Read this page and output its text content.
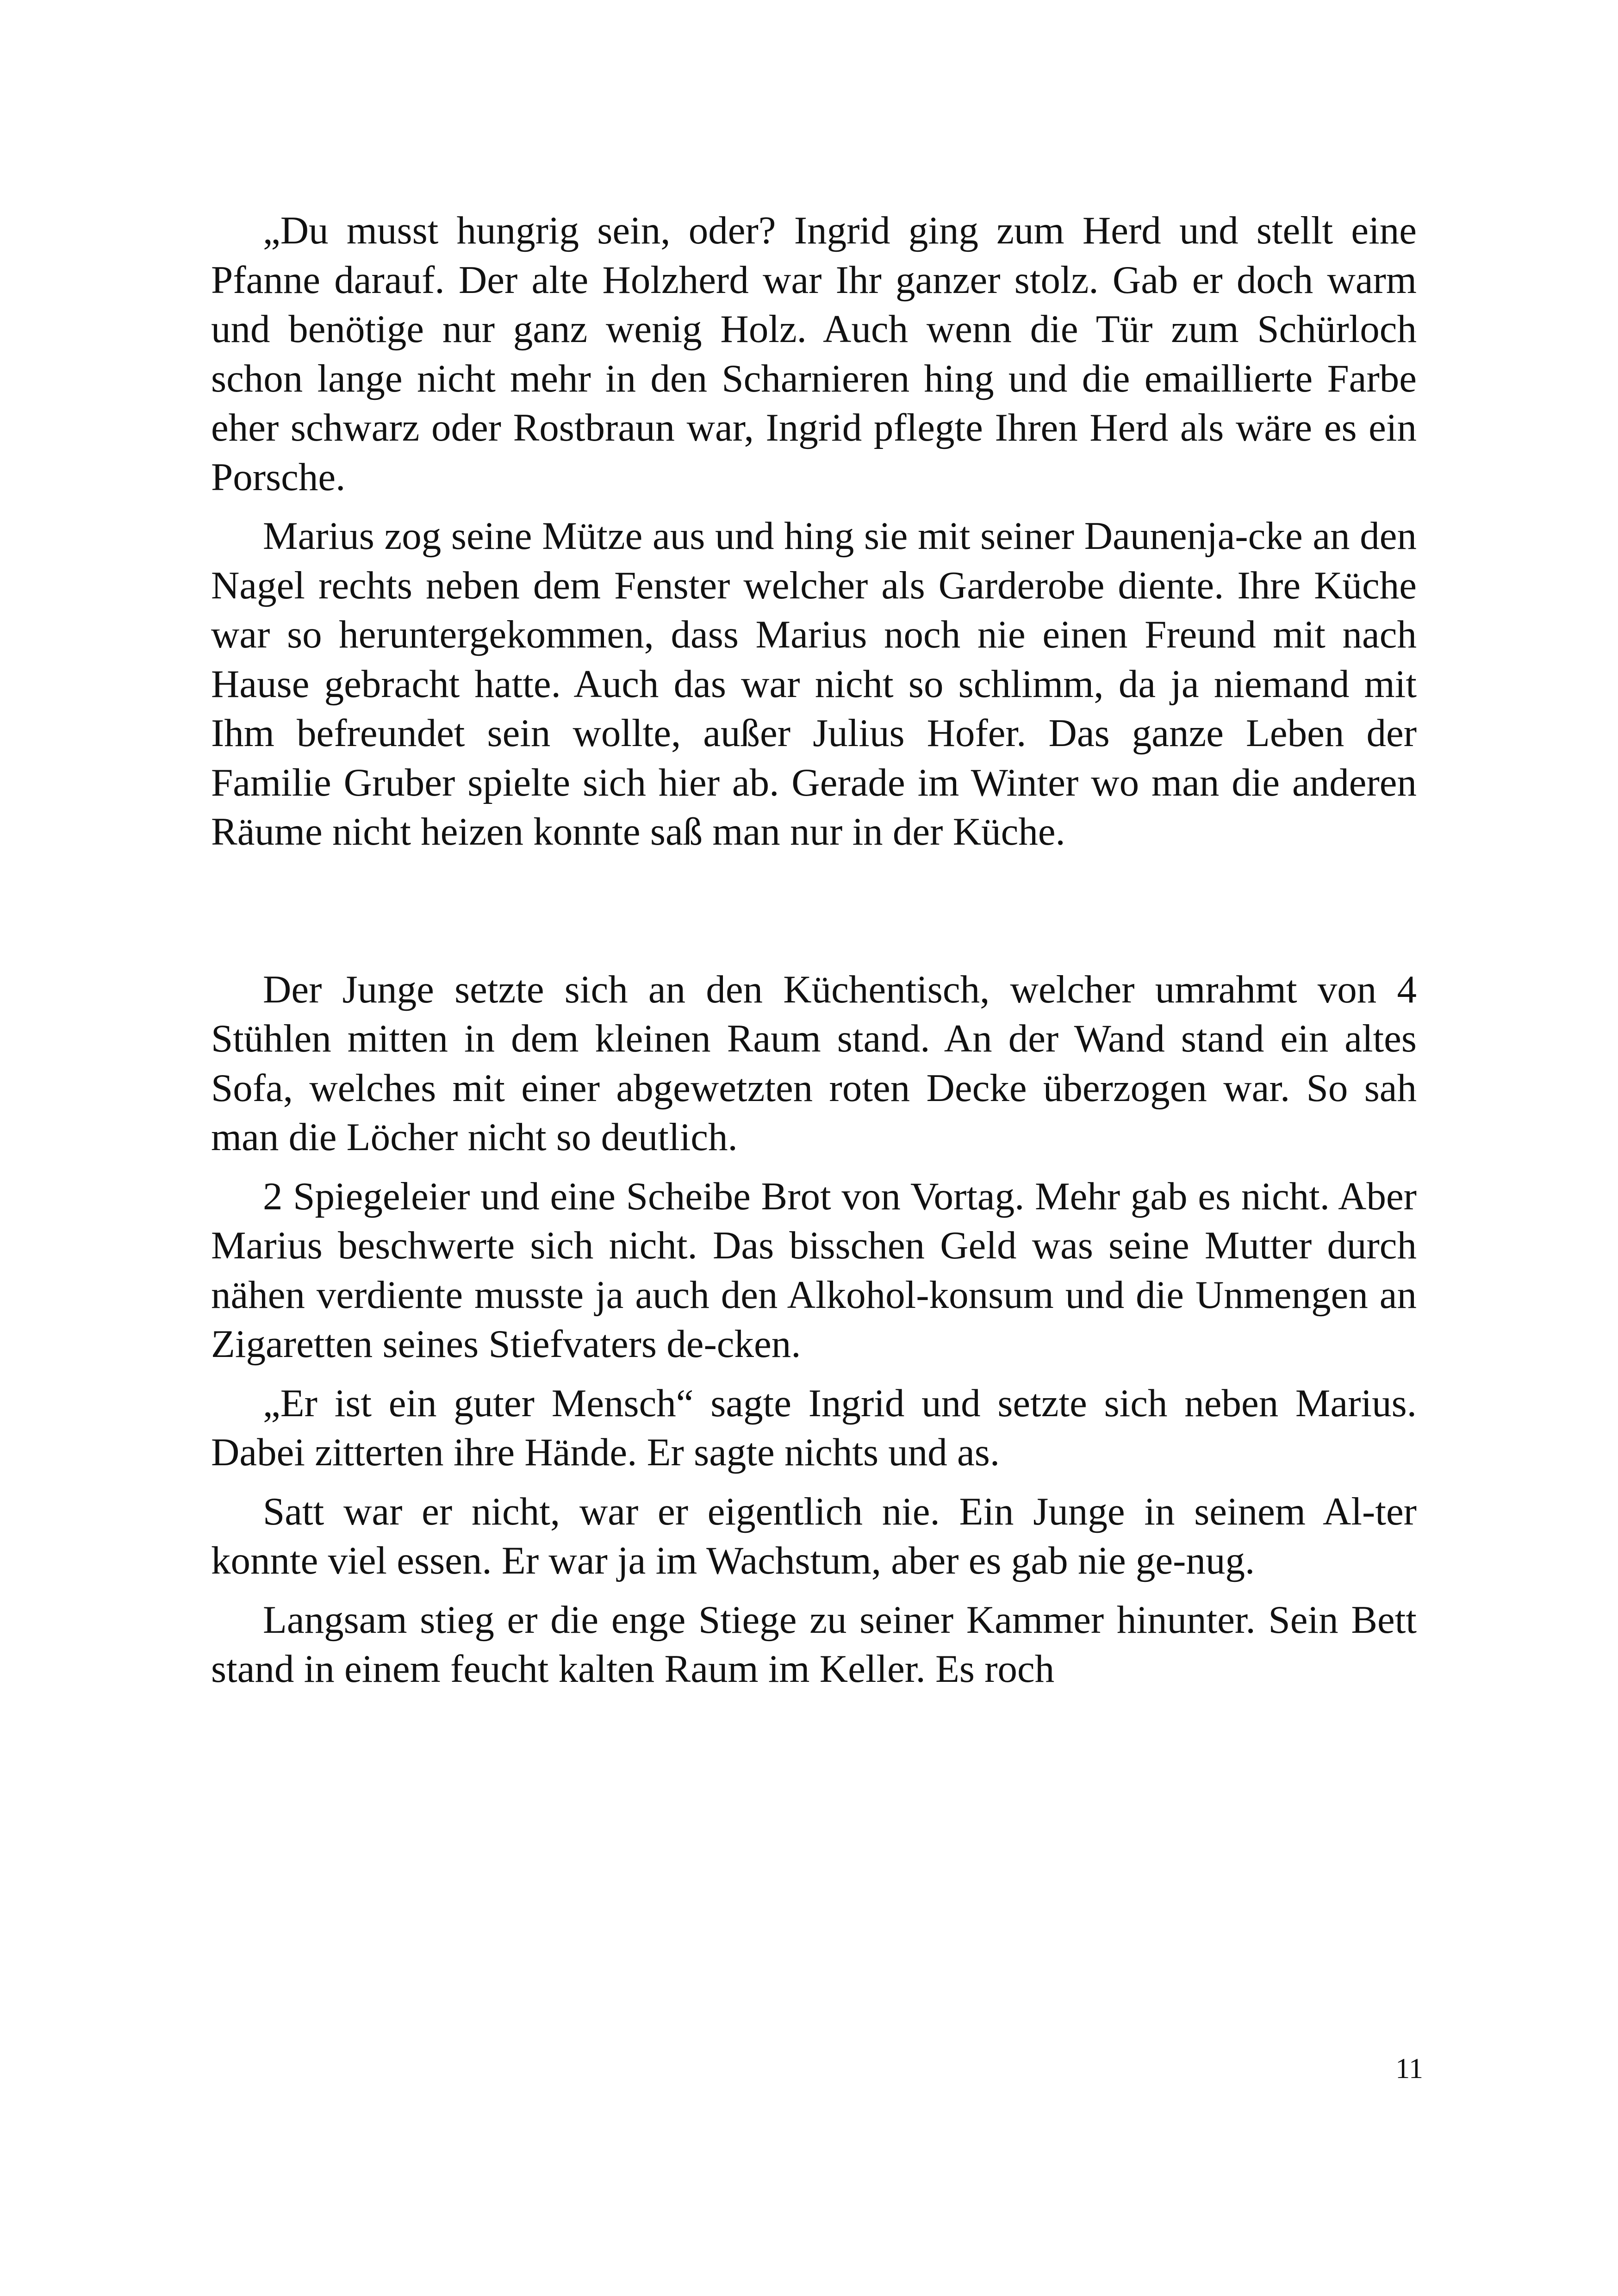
„Du musst hungrig sein, oder? Ingrid ging zum Herd und stellt eine Pfanne darauf. Der alte Holzherd war Ihr ganzer stolz. Gab er doch warm und benötige nur ganz wenig Holz. Auch wenn die Tür zum Schürloch schon lange nicht mehr in den Scharnieren hing und die emaillierte Farbe eher schwarz oder Rostbraun war, Ingrid pflegte Ihren Herd als wäre es ein Porsche.

Marius zog seine Mütze aus und hing sie mit seiner Daunenja-cke an den Nagel rechts neben dem Fenster welcher als Garderobe diente. Ihre Küche war so heruntergekommen, dass Marius noch nie einen Freund mit nach Hause gebracht hatte. Auch das war nicht so schlimm, da ja niemand mit Ihm befreundet sein wollte, außer Julius Hofer. Das ganze Leben der Familie Gruber spielte sich hier ab. Gerade im Winter wo man die anderen Räume nicht heizen konnte saß man nur in der Küche.

Der Junge setzte sich an den Küchentisch, welcher umrahmt von 4 Stühlen mitten in dem kleinen Raum stand. An der Wand stand ein altes Sofa, welches mit einer abgewetzten roten Decke überzogen war. So sah man die Löcher nicht so deutlich.

2 Spiegeleier und eine Scheibe Brot von Vortag. Mehr gab es nicht. Aber Marius beschwerte sich nicht. Das bisschen Geld was seine Mutter durch nähen verdiente musste ja auch den Alkohol-konsum und die Unmengen an Zigaretten seines Stiefvaters de-cken.

„Er ist ein guter Mensch“ sagte Ingrid und setzte sich neben Marius. Dabei zitterten ihre Hände. Er sagte nichts und as.

Satt war er nicht, war er eigentlich nie. Ein Junge in seinem Al-ter konnte viel essen. Er war ja im Wachstum, aber es gab nie ge-nug.

Langsam stieg er die enge Stiege zu seiner Kammer hinunter. Sein Bett stand in einem feucht kalten Raum im Keller. Es roch

11
